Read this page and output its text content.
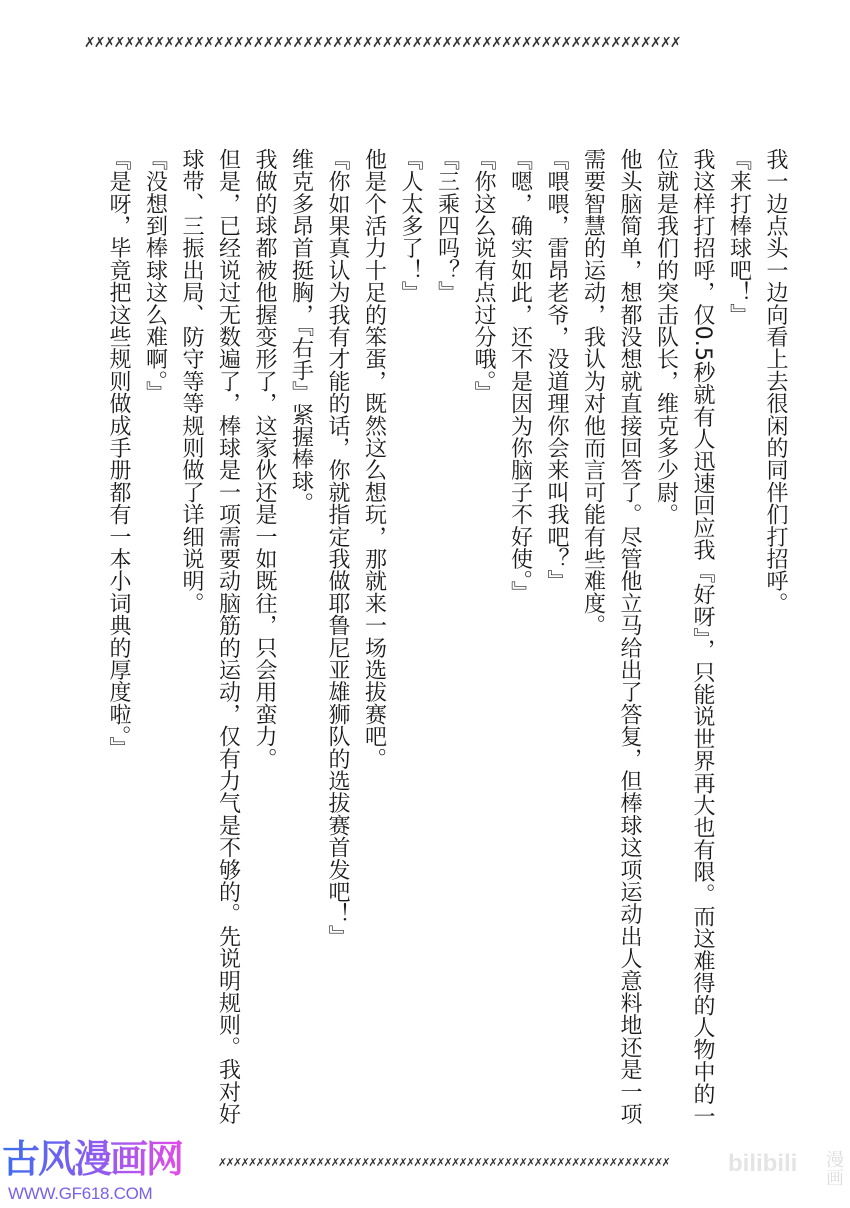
✗✗✗✗✗✗✗✗✗✗✗✗✗✗✗✗✗✗✗✗✗✗✗✗✗✗✗✗✗✗✗✗✗✗✗✗✗✗✗✗✗✗✗✗✗✗✗✗✗✗✗✗✗✗✗✗✗✗✗✗
我一边点头一边向看上去很闲的同伴们打招呼。
『来打棒球吧！』
我这样打招呼，仅0.5秒就有人迅速回应我『好呀』，只能说世界再大也有限。而这难得的人物中的一
位就是我们的突击队长，维克多少尉。
他头脑简单，想都没想就直接回答了。尽管他立马给出了答复，但棒球这项运动出人意料地还是一项
需要智慧的运动，我认为对他而言可能有些难度。
『喂喂，雷昂老爷，没道理你会来叫我吧？』
『嗯，确实如此，还不是因为你脑子不好使。』
『你这么说有点过分哦。』
『三乘四吗？』
『人太多了！』
他是个活力十足的笨蛋，既然这么想玩，那就来一场选拔赛吧。
『你如果真认为我有才能的话，你就指定我做耶鲁尼亚雄狮队的选拔赛首发吧！』
维克多昂首挺胸，『右手』紧握棒球。
我做的球都被他握变形了，这家伙还是一如既往，只会用蛮力。
但是，已经说过无数遍了，棒球是一项需要动脑筋的运动，仅有力气是不够的。先说明规则。我对好
球带、三振出局、防守等等规则做了详细说明。
『没想到棒球这么难啊。』
『是呀，毕竟把这些规则做成手册都有一本小词典的厚度啦。』
✗✗✗✗✗✗✗✗✗✗✗✗✗✗✗✗✗✗✗✗✗✗✗✗✗✗✗✗✗✗✗✗✗✗✗✗✗✗✗✗✗✗✗✗✗✗✗✗✗✗✗✗✗✗✗✗✗✗✗✗
古风漫画网
WWW.GF618.COM
bilibili 漫画
